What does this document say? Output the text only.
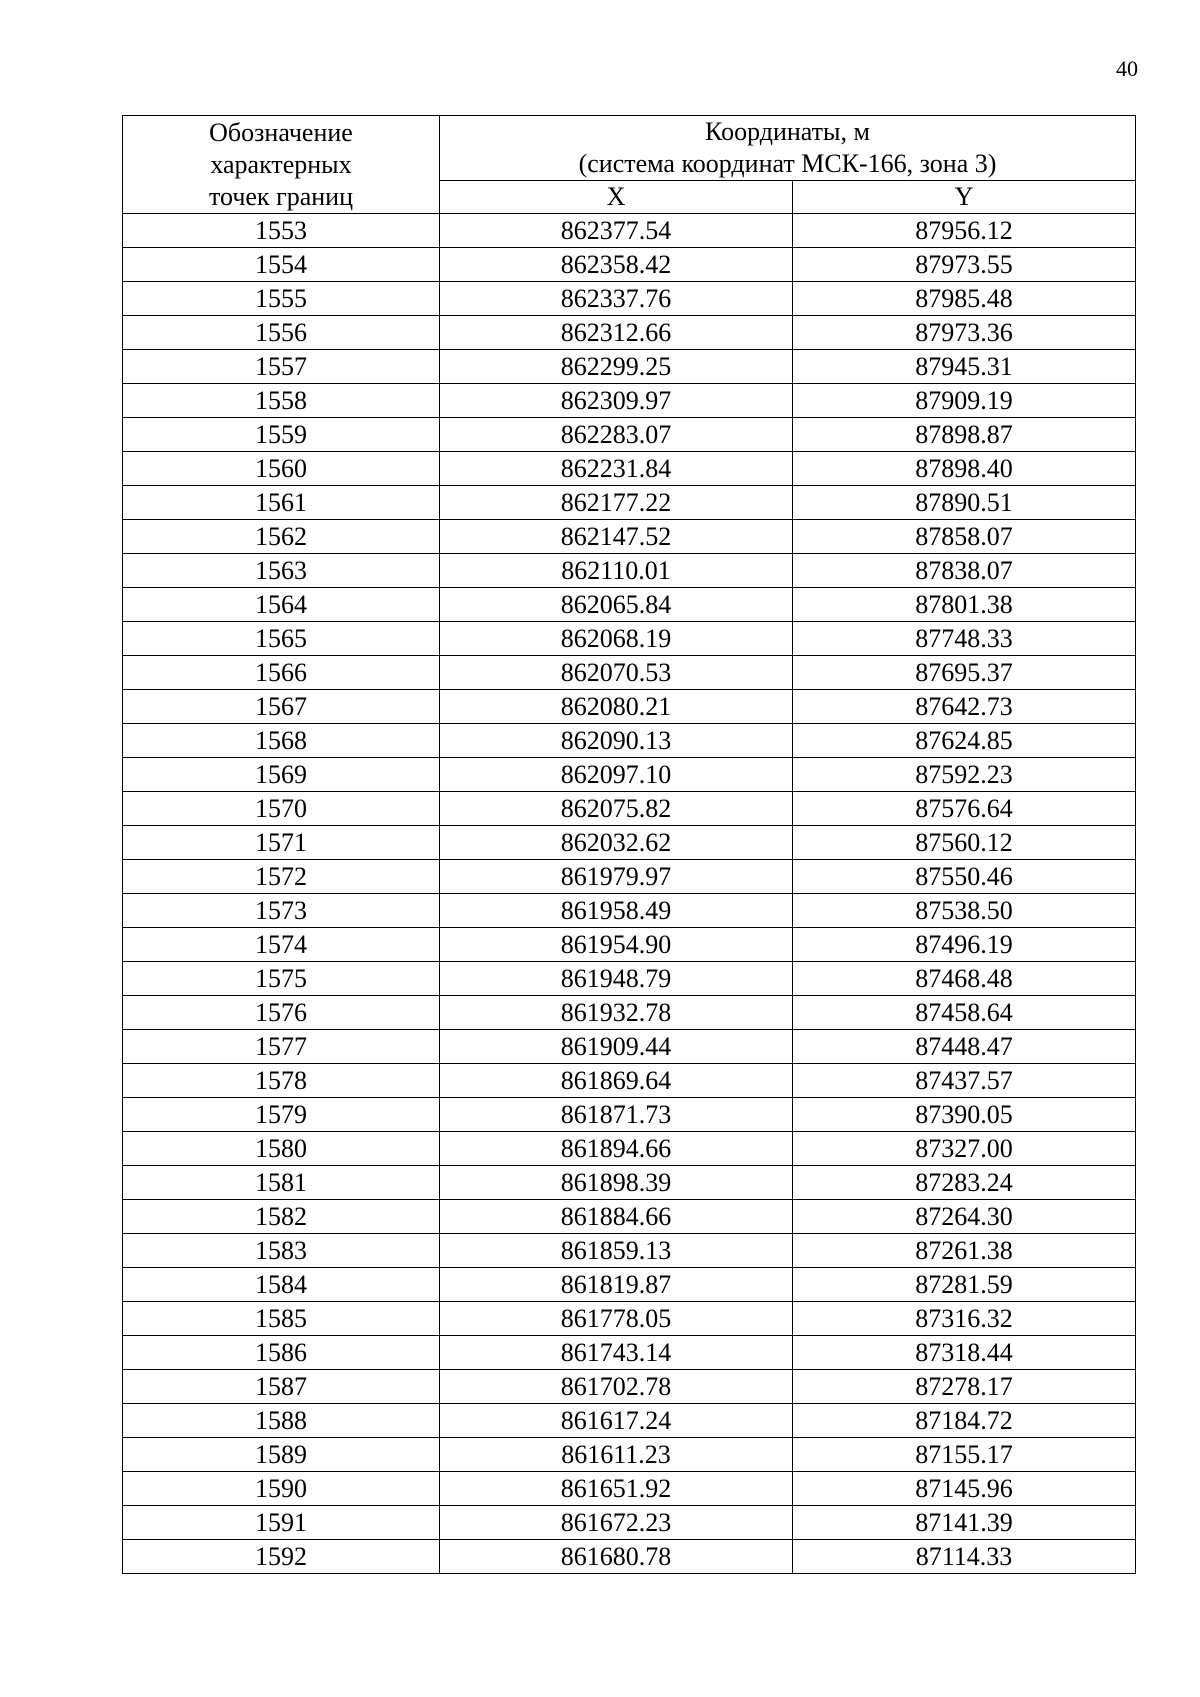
40
Обозначение
характерных
точек границ	Координаты, м
(система координат МСК-166, зона 3)	
	X	Y
1553	862377.54	87956.12
1554	862358.42	87973.55
1555	862337.76	87985.48
1556	862312.66	87973.36
1557	862299.25	87945.31
1558	862309.97	87909.19
1559	862283.07	87898.87
1560	862231.84	87898.40
1561	862177.22	87890.51
1562	862147.52	87858.07
1563	862110.01	87838.07
1564	862065.84	87801.38
1565	862068.19	87748.33
1566	862070.53	87695.37
1567	862080.21	87642.73
1568	862090.13	87624.85
1569	862097.10	87592.23
1570	862075.82	87576.64
1571	862032.62	87560.12
1572	861979.97	87550.46
1573	861958.49	87538.50
1574	861954.90	87496.19
1575	861948.79	87468.48
1576	861932.78	87458.64
1577	861909.44	87448.47
1578	861869.64	87437.57
1579	861871.73	87390.05
1580	861894.66	87327.00
1581	861898.39	87283.24
1582	861884.66	87264.30
1583	861859.13	87261.38
1584	861819.87	87281.59
1585	861778.05	87316.32
1586	861743.14	87318.44
1587	861702.78	87278.17
1588	861617.24	87184.72
1589	861611.23	87155.17
1590	861651.92	87145.96
1591	861672.23	87141.39
1592	861680.78	87114.33
